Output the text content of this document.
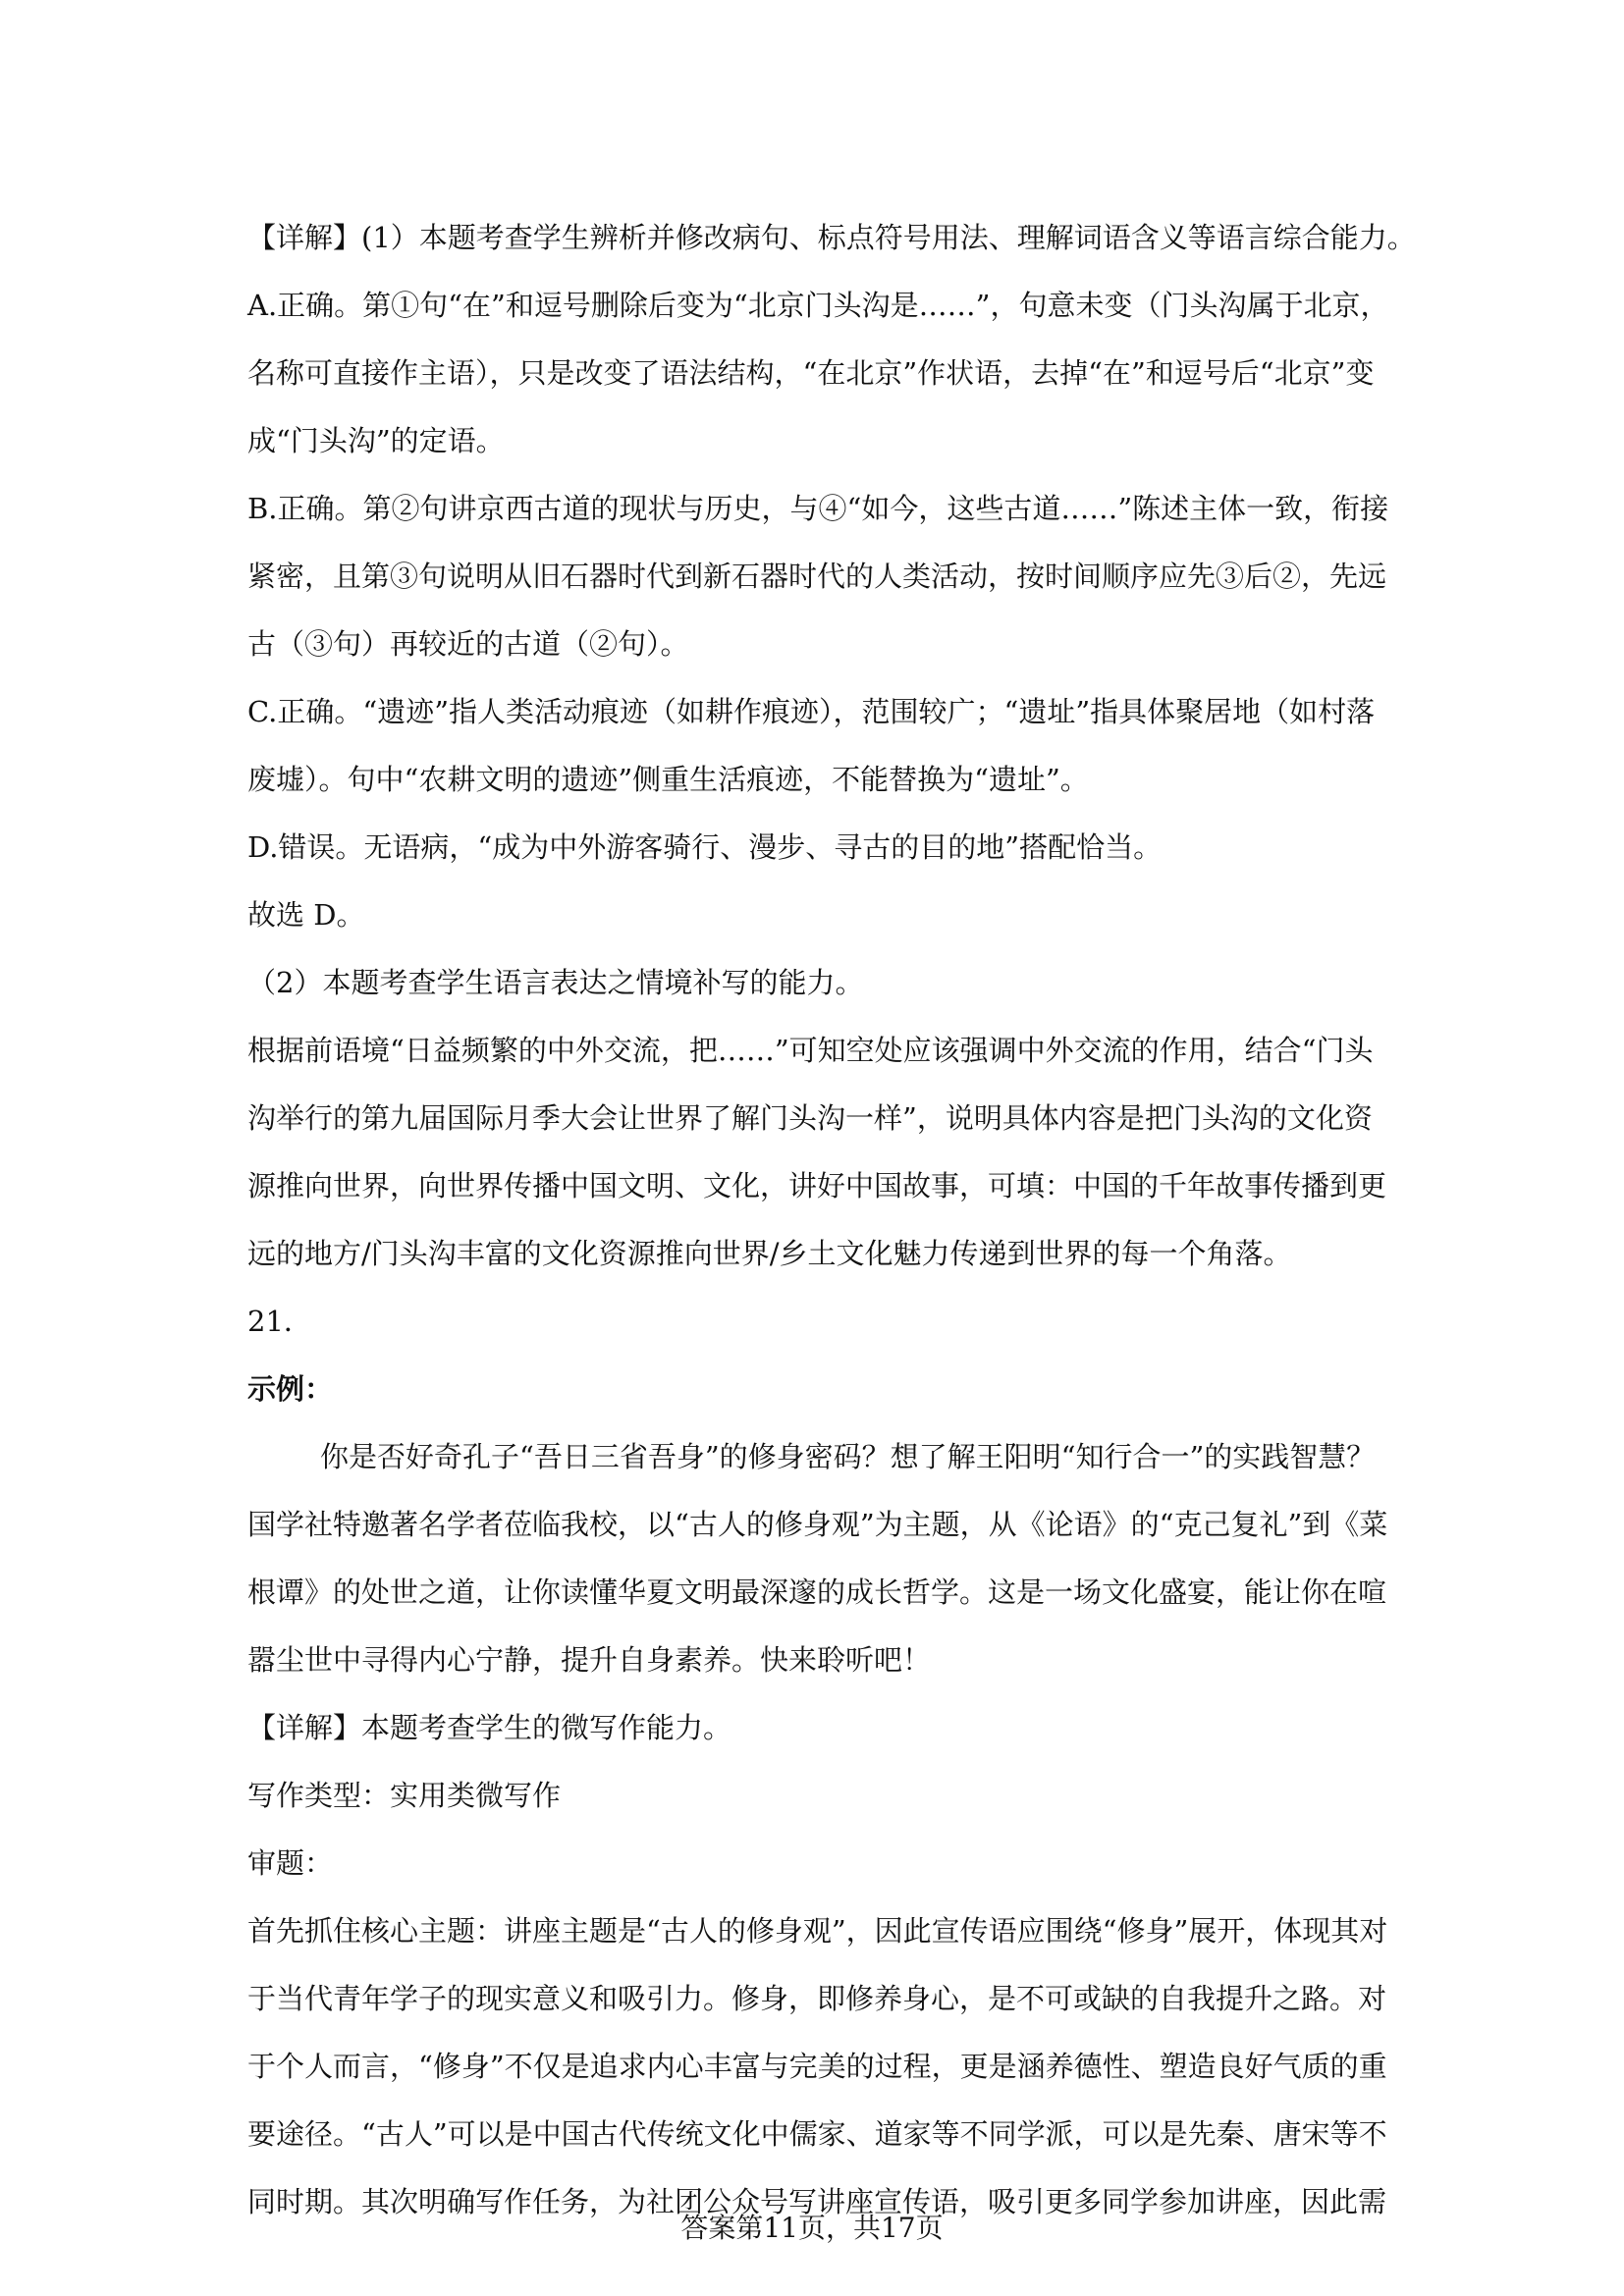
【详解】(1）本题考查学生辨析并修改病句、标点符号用法、理解词语含义等语言综合能力。
A.正确。第①句“在”和逗号删除后变为“北京门头沟是……”，句意未变（门头沟属于北京，
名称可直接作主语），只是改变了语法结构，“在北京”作状语，去掉“在”和逗号后“北京”变
成“门头沟”的定语。
B.正确。第②句讲京西古道的现状与历史，与④“如今，这些古道……”陈述主体一致，衔接
紧密，且第③句说明从旧石器时代到新石器时代的人类活动，按时间顺序应先③后②，先远
古（③句）再较近的古道（②句）。
C.正确。“遗迹”指人类活动痕迹（如耕作痕迹），范围较广；“遗址”指具体聚居地（如村落
废墟）。句中“农耕文明的遗迹”侧重生活痕迹，不能替换为“遗址”。
D.错误。无语病，“成为中外游客骑行、漫步、寻古的目的地”搭配恰当。
故选 D。
（2）本题考查学生语言表达之情境补写的能力。
根据前语境“日益频繁的中外交流，把……”可知空处应该强调中外交流的作用，结合“门头
沟举行的第九届国际月季大会让世界了解门头沟一样”，说明具体内容是把门头沟的文化资
源推向世界，向世界传播中国文明、文化，讲好中国故事，可填：中国的千年故事传播到更
远的地方/门头沟丰富的文化资源推向世界/乡土文化魅力传递到世界的每一个角落。
21．
示例：
你是否好奇孔子“吾日三省吾身”的修身密码？想了解王阳明“知行合一”的实践智慧？
国学社特邀著名学者莅临我校，以“古人的修身观”为主题，从《论语》的“克己复礼”到《菜
根谭》的处世之道，让你读懂华夏文明最深邃的成长哲学。这是一场文化盛宴，能让你在喧
嚣尘世中寻得内心宁静，提升自身素养。快来聆听吧！
【详解】本题考查学生的微写作能力。
写作类型：实用类微写作
审题：
首先抓住核心主题：讲座主题是“古人的修身观”，因此宣传语应围绕“修身”展开，体现其对
于当代青年学子的现实意义和吸引力。修身，即修养身心，是不可或缺的自我提升之路。对
于个人而言，“修身”不仅是追求内心丰富与完美的过程，更是涵养德性、塑造良好气质的重
要途径。“古人”可以是中国古代传统文化中儒家、道家等不同学派，可以是先秦、唐宋等不
同时期。其次明确写作任务，为社团公众号写讲座宣传语，吸引更多同学参加讲座，因此需
答案第11页，共17页
